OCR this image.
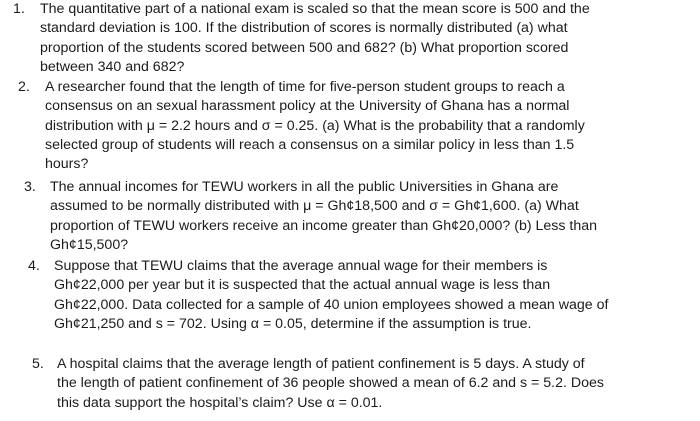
1. The quantitative part of a national exam is scaled so that the mean score is 500 and the
standard deviation is 100. If the distribution of scores is normally distributed (a) what
proportion of the students scored between 500 and 682? (b) What proportion scored
between 340 and 682?
2. A researcher found that the length of time for five-person student groups to reach a
consensus on an sexual harassment policy at the University of Ghana has a normal
distribution with μ = 2.2 hours and σ = 0.25. (a) What is the probability that a randomly
selected group of students will reach a consensus on a similar policy in less than 1.5
hours?
3. The annual incomes for TEWU workers in all the public Universities in Ghana are
assumed to be normally distributed with μ = Gh¢18,500 and σ = Gh¢1,600. (a) What
proportion of TEWU workers receive an income greater than Gh¢20,000? (b) Less than
Gh¢15,500?
4. Suppose that TEWU claims that the average annual wage for their members is
Gh¢22,000 per year but it is suspected that the actual annual wage is less than
Gh¢22,000. Data collected for a sample of 40 union employees showed a mean wage of
Gh¢21,250 and s = 702. Using α = 0.05, determine if the assumption is true.
5. A hospital claims that the average length of patient confinement is 5 days. A study of
the length of patient confinement of 36 people showed a mean of 6.2 and s = 5.2. Does
this data support the hospital’s claim? Use α = 0.01.
